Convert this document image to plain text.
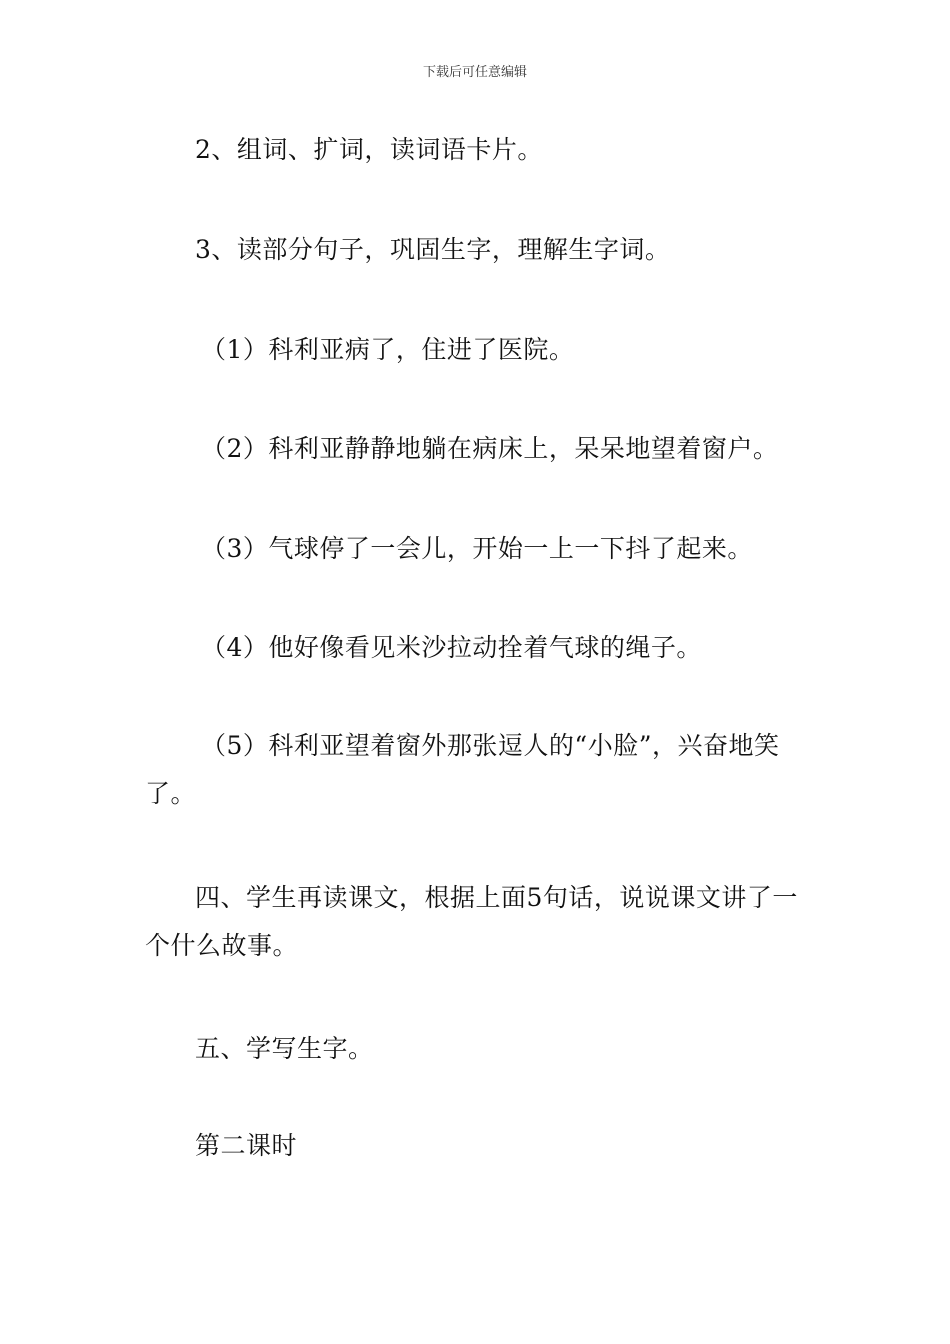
下载后可任意编辑
2、组词、扩词，读词语卡片。
3、读部分句子，巩固生字，理解生字词。
（1）科利亚病了，住进了医院。
（2）科利亚静静地躺在病床上，呆呆地望着窗户。
（3）气球停了一会儿，开始一上一下抖了起来。
（4）他好像看见米沙拉动拴着气球的绳子。
（5）科利亚望着窗外那张逗人的“小脸”，兴奋地笑了。
四、学生再读课文，根据上面5句话，说说课文讲了一个什么故事。
五、学写生字。
第二课时
